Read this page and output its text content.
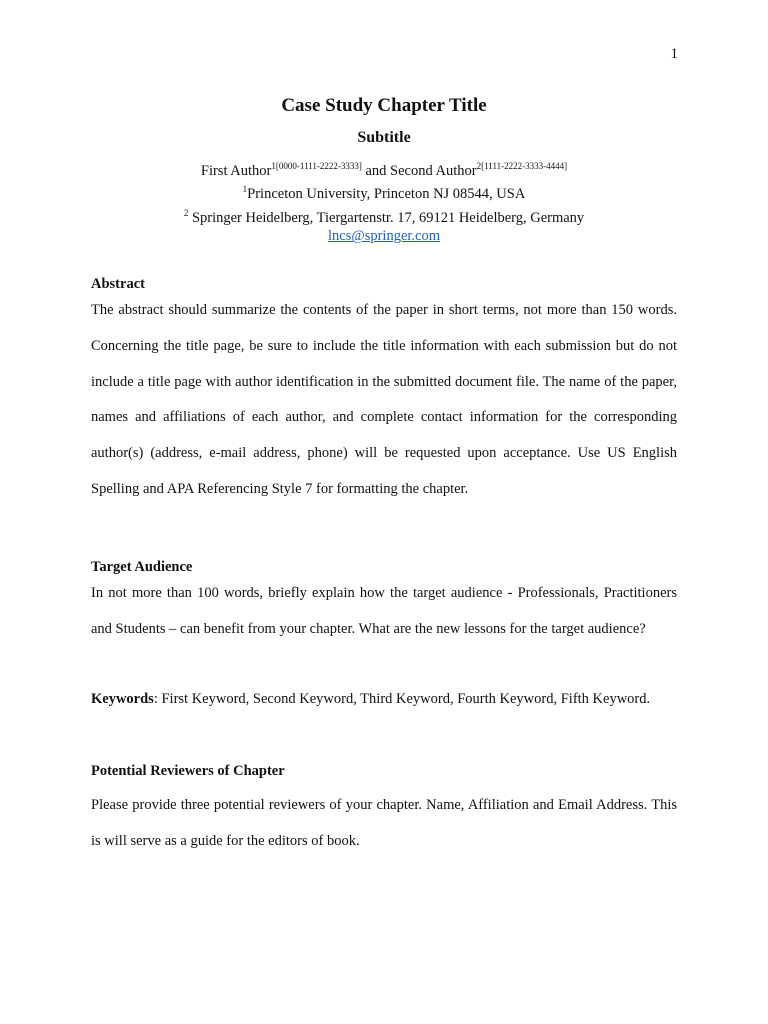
1
Case Study Chapter Title
Subtitle
First Author$^{1[0000-1111-2222-3333]}$ and Second Author$^{2[1111-2222-3333-4444]}$
$^1$Princeton University, Princeton NJ 08544, USA
$^2$ Springer Heidelberg, Tiergartenstr. 17, 69121 Heidelberg, Germany
lncs@springer.com
Abstract
The abstract should summarize the contents of the paper in short terms, not more than 150 words. Concerning the title page, be sure to include the title information with each submission but do not include a title page with author identification in the submitted document file. The name of the paper, names and affiliations of each author, and complete contact information for the corresponding author(s) (address, e-mail address, phone) will be requested upon acceptance. Use US English Spelling and APA Referencing Style 7 for formatting the chapter.
Target Audience
In not more than 100 words, briefly explain how the target audience - Professionals, Practitioners and Students – can benefit from your chapter. What are the new lessons for the target audience?
Keywords: First Keyword, Second Keyword, Third Keyword, Fourth Keyword, Fifth Keyword.
Potential Reviewers of Chapter
Please provide three potential reviewers of your chapter. Name, Affiliation and Email Address. This is will serve as a guide for the editors of book.
